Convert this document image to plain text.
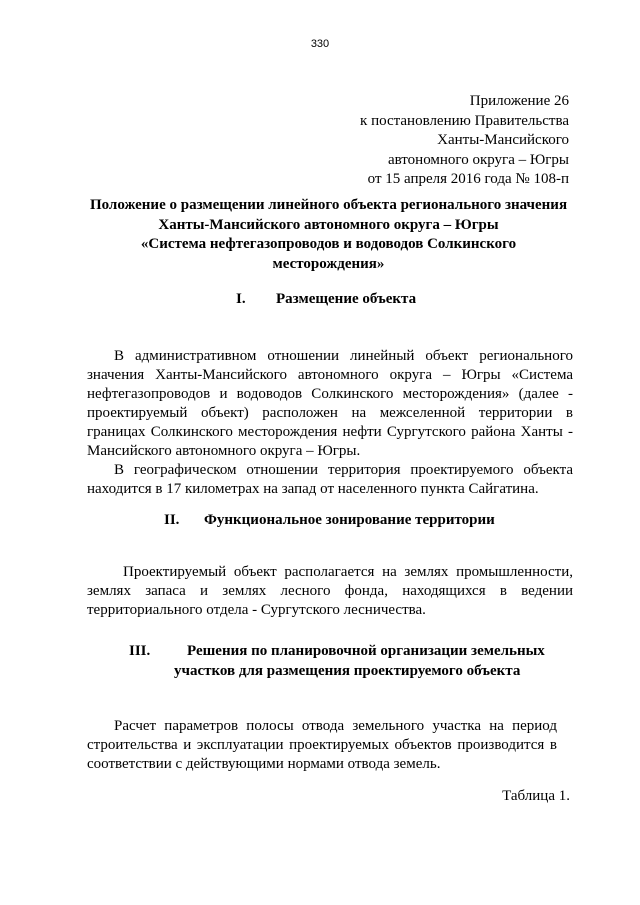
330
Приложение 26
к постановлению Правительства
Ханты-Мансийского
автономного округа – Югры
от 15 апреля 2016 года № 108-п
Положение о размещении линейного объекта регионального значения
Ханты-Мансийского автономного округа – Югры
«Система нефтегазопроводов и водоводов Солкинского
месторождения»
I. Размещение объекта

В административном отношении линейный объект регионального значения Ханты-Мансийского автономного округа – Югры «Система нефтегазопроводов и водоводов Солкинского месторождения» (далее - проектируемый объект) расположен на межселенной территории в границах Солкинского месторождения нефти Сургутского района Ханты - Мансийского автономного округа – Югры.

В географическом отношении территория проектируемого объекта находится в 17 километрах на запад от населенного пункта Сайгатина.

II. Функциональное зонирование территории

Проектируемый объект располагается на землях промышленности, землях запаса и землях лесного фонда, находящихся в ведении территориального отдела - Сургутского лесничества.

III. Решения по планировочной организации земельных
участков для размещения проектируемого объекта

Расчет параметров полосы отвода земельного участка на период строительства и эксплуатации проектируемых объектов производится в соответствии с действующими нормами отвода земель.

Таблица 1.
